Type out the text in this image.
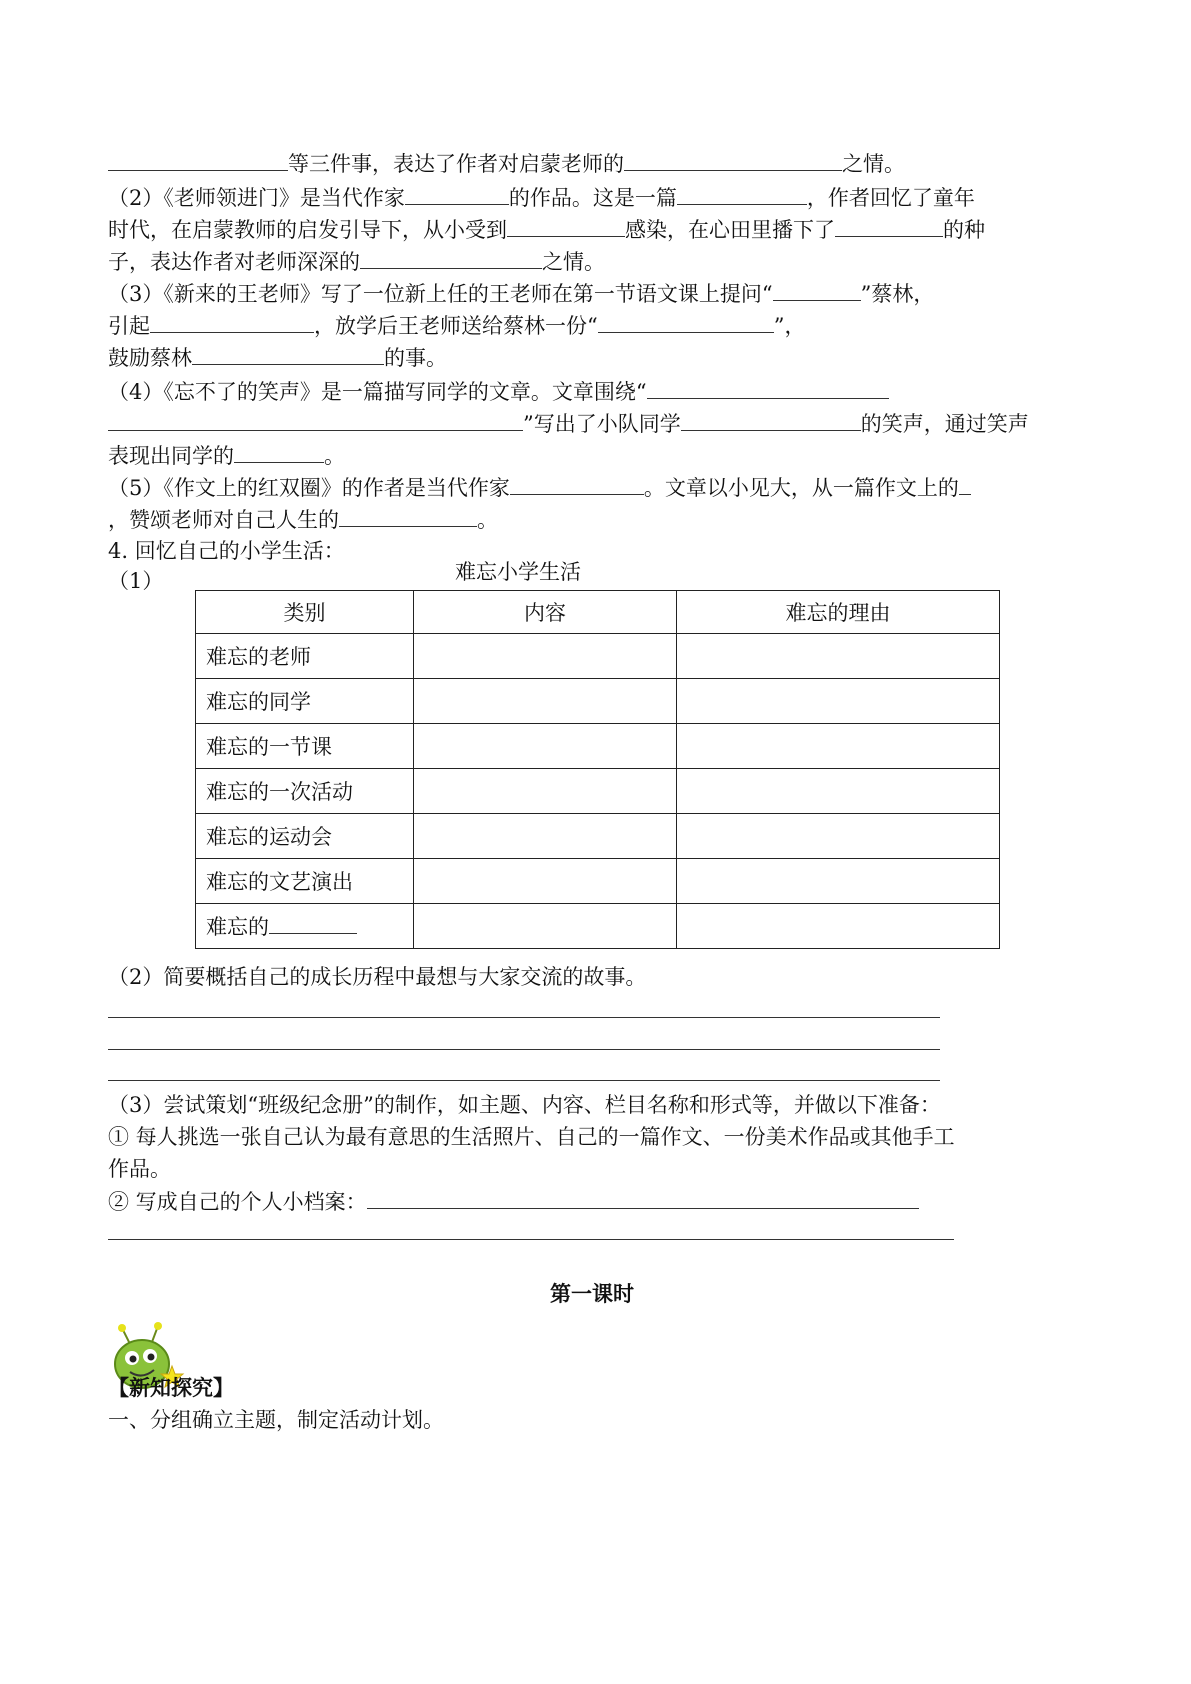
等三件事，表达了作者对启蒙老师的	之情。
（2）《老师领进门》是当代作家	的作品。这是一篇	，作者回忆了童年
时代，在启蒙教师的启发引导下，从小受到	感染，在心田里播下了	的种
子，表达作者对老师深深的	之情。
（3）《新来的王老师》写了一位新上任的王老师在第一节语文课上提问“	”蔡林，
引起	，放学后王老师送给蔡林一份“	”，
鼓励蔡林	的事。
（4）《忘不了的笑声》是一篇描写同学的文章。文章围绕“
”写出了小队同学	的笑声，通过笑声
表现出同学的	。
（5）《作文上的红双圈》的作者是当代作家	。文章以小见大，从一篇作文上的
，赞颂老师对自己人生的	。
4. 回忆自己的小学生活：
（1）	难忘小学生活
类别	内容	难忘的理由
难忘的老师		
难忘的同学		
难忘的一节课		
难忘的一次活动		
难忘的运动会		
难忘的文艺演出		
难忘的		
（2）简要概括自己的成长历程中最想与大家交流的故事。
（3）尝试策划“班级纪念册”的制作，如主题、内容、栏目名称和形式等，并做以下准备：
① 每人挑选一张自己认为最有意思的生活照片、自己的一篇作文、一份美术作品或其他手工
作品。
② 写成自己的个人小档案：
第一课时
【新知探究】
一、分组确立主题，制定活动计划。
